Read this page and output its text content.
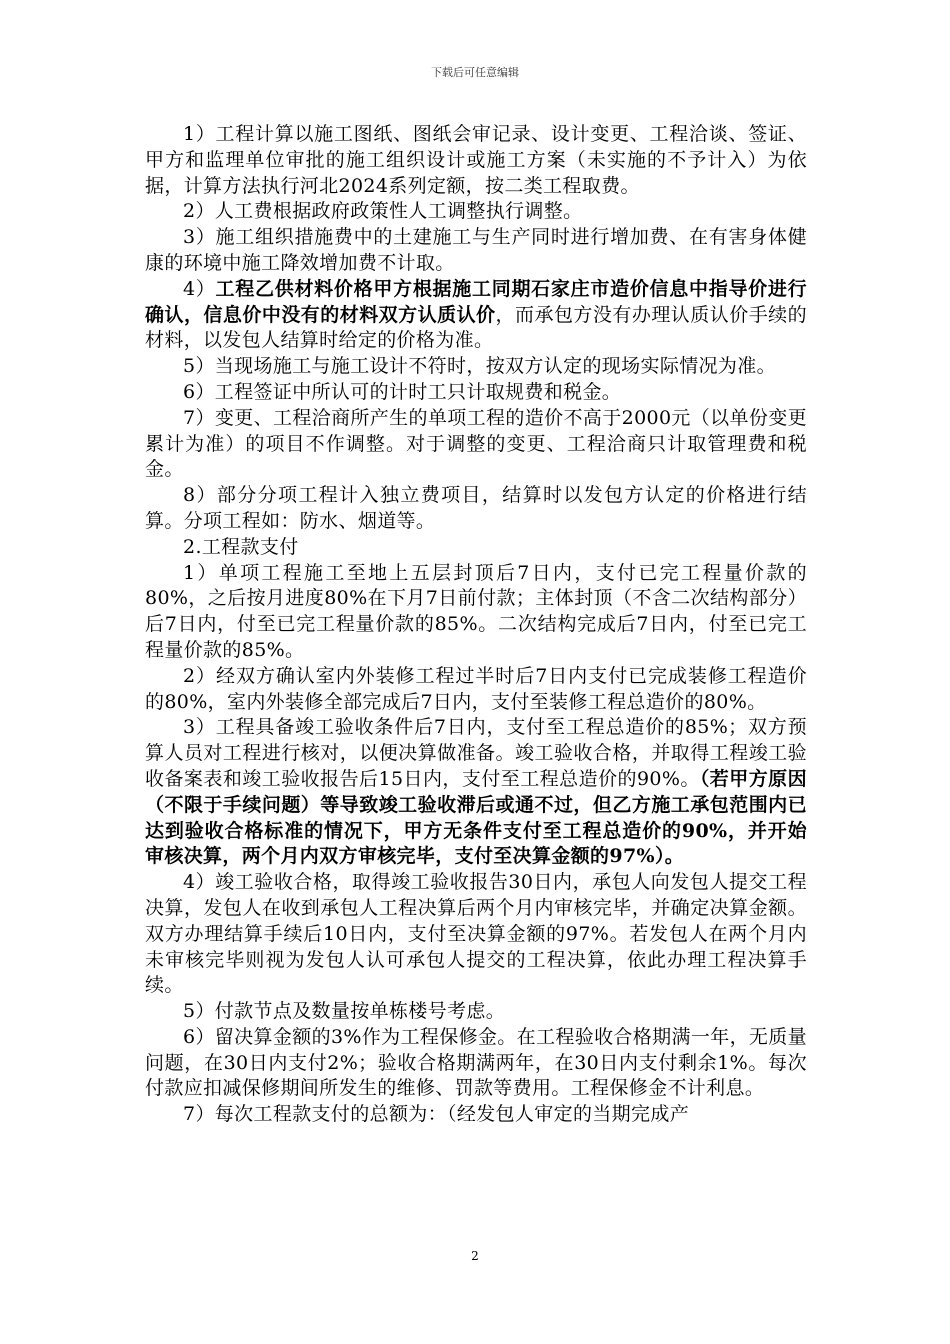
下载后可任意编辑

1）工程计算以施工图纸、图纸会审记录、设计变更、工程洽谈、签证、甲方和监理单位审批的施工组织设计或施工方案（未实施的不予计入）为依据，计算方法执行河北2024系列定额，按二类工程取费。

2）人工费根据政府政策性人工调整执行调整。

3）施工组织措施费中的土建施工与生产同时进行增加费、在有害身体健康的环境中施工降效增加费不计取。

4）工程乙供材料价格甲方根据施工同期石家庄市造价信息中指导价进行确认，信息价中没有的材料双方认质认价，而承包方没有办理认质认价手续的材料，以发包人结算时给定的价格为准。

5）当现场施工与施工设计不符时，按双方认定的现场实际情况为准。

6）工程签证中所认可的计时工只计取规费和税金。

7）变更、工程洽商所产生的单项工程的造价不高于2000元（以单份变更累计为准）的项目不作调整。对于调整的变更、工程洽商只计取管理费和税金。

8）部分分项工程计入独立费项目，结算时以发包方认定的价格进行结算。分项工程如：防水、烟道等。

2.工程款支付

1）单项工程施工至地上五层封顶后7日内，支付已完工程量价款的80%，之后按月进度80%在下月7日前付款；主体封顶（不含二次结构部分）后7日内，付至已完工程量价款的85%。二次结构完成后7日内，付至已完工程量价款的85%。

2）经双方确认室内外装修工程过半时后7日内支付已完成装修工程造价的80%，室内外装修全部完成后7日内，支付至装修工程总造价的80%。

3）工程具备竣工验收条件后7日内，支付至工程总造价的85%；双方预算人员对工程进行核对，以便决算做准备。竣工验收合格，并取得工程竣工验收备案表和竣工验收报告后15日内，支付至工程总造价的90%。（若甲方原因（不限于手续问题）等导致竣工验收滞后或通不过，但乙方施工承包范围内已达到验收合格标准的情况下，甲方无条件支付至工程总造价的90%，并开始审核决算，两个月内双方审核完毕，支付至决算金额的97%）。

4）竣工验收合格，取得竣工验收报告30日内，承包人向发包人提交工程决算，发包人在收到承包人工程决算后两个月内审核完毕，并确定决算金额。双方办理结算手续后10日内，支付至决算金额的97%。若发包人在两个月内未审核完毕则视为发包人认可承包人提交的工程决算，依此办理工程决算手续。

5）付款节点及数量按单栋楼号考虑。

6）留决算金额的3%作为工程保修金。在工程验收合格期满一年，无质量问题，在30日内支付2%；验收合格期满两年，在30日内支付剩余1%。每次付款应扣减保修期间所发生的维修、罚款等费用。工程保修金不计利息。

7）每次工程款支付的总额为：（经发包人审定的当期完成产

2
